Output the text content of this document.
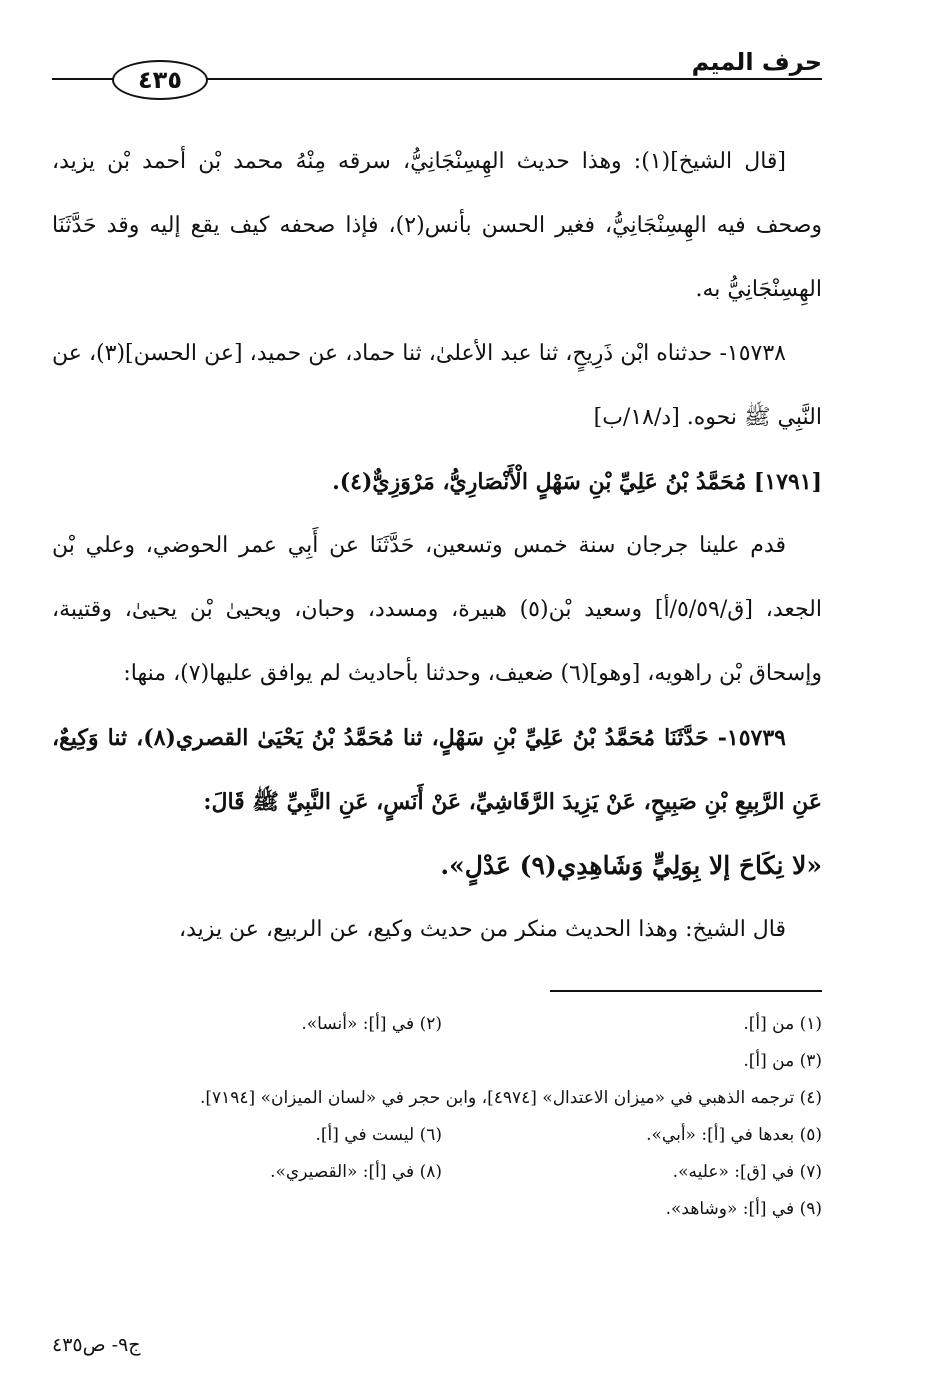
حرف الميم
٤٣٥

[قال الشيخ](١): وهذا حديث الهِسِنْجَانِيُّ، سرقه مِنْهُ محمد بْن أحمد بْن يزيد، وصحف فيه الهِسِنْجَانِيُّ، فغير الحسن بأنس(٢)، فإذا صحفه كيف يقع إليه وقد حَدَّثَنَا الهِسِنْجَانِيُّ به.

١٥٧٣٨- حدثناه ابْن ذَرِيحٍ، ثنا عبد الأعلىٰ، ثنا حماد، عن حميد، [عن الحسن](٣)، عن النَّبِي ﷺ نحوه. [د/١٨/ب]

[١٧٩١] مُحَمَّدُ بْنُ عَلِيِّ بْنِ سَهْلٍ الْأَنْصَارِيُّ، مَرْوَزِيٌّ(٤).

قدم علينا جرجان سنة خمس وتسعين، حَدَّثَنَا عن أَبِي عمر الحوضي، وعلي بْن الجعد، [ق/٥/٥٩/أ] وسعيد بْن(٥) هبيرة، ومسدد، وحبان، ويحيىٰ بْن يحيىٰ، وقتيبة، وإسحاق بْن راهويه، [وهو](٦) ضعيف، وحدثنا بأحاديث لم يوافق عليها(٧)، منها:

١٥٧٣٩- حَدَّثَنَا مُحَمَّدُ بْنُ عَلِيِّ بْنِ سَهْلٍ، ثنا مُحَمَّدُ بْنُ يَحْيَىٰ القصري(٨)، ثنا وَكِيعٌ، عَنِ الرَّبِيعِ بْنِ صَبِيحٍ، عَنْ يَزِيدَ الرَّقَاشِيِّ، عَنْ أَنَسٍ، عَنِ النَّبِيِّ ﷺ قَالَ:

«لا نِكَاحَ إلا بِوَلِيٍّ وَشَاهِدِي(٩) عَدْلٍ».

قال الشيخ: وهذا الحديث منكر من حديث وكيع، عن الربيع، عن يزيد،

(١) من [أ].
(٢) في [أ]: «أنسا».
(٣) من [أ].
(٤) ترجمه الذهبي في «ميزان الاعتدال» [٤٩٧٤]، وابن حجر في «لسان الميزان» [٧١٩٤].
(٥) بعدها في [أ]: «أبي».
(٦) ليست في [أ].
(٧) في [ق]: «عليه».
(٨) في [أ]: «القصيري».
(٩) في [أ]: «وشاهد».
ج٩- ص٤٣٥
